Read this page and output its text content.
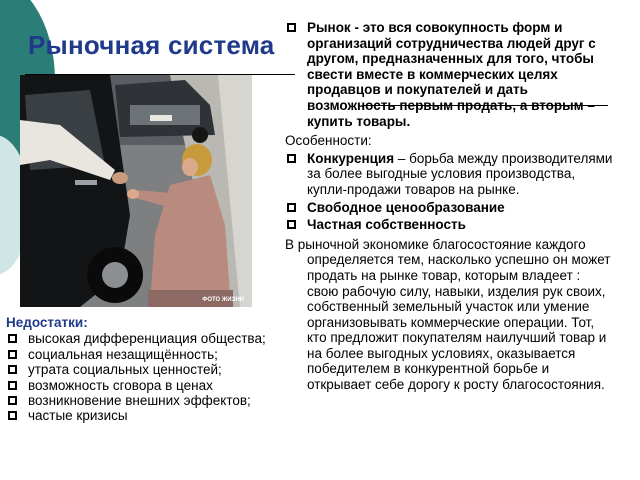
Рыночная система
ФОТО ЖИЗНИ
Рынок - это вся совокупность форм и организаций сотрудничества людей друг с другом, предназначенных для того, чтобы свести вместе в коммерческих целях продавцов и покупателей и дать возможность первым продать, а вторым – купить товары.
Особенности:
Конкуренция – борьба между производителями за более выгодные условия производства, купли-продажи товаров на рынке.
Свободное ценообразование
Частная собственность
В рыночной экономике благосостояние каждого определяется тем, насколько успешно он может продать на рынке товар, которым владеет : свою рабочую силу, навыки, изделия рук своих, собственный земельный участок или умение организовывать коммерческие операции. Тот, кто предложит покупателям наилучший товар и на более выгодных условиях, оказывается победителем в конкурентной борьбе и открывает себе дорогу к росту благосостояния.
Недостатки:
высокая дифференциация общества;
социальная незащищённость;
утрата социальных ценностей;
возможность сговора в ценах
возникновение внешних эффектов;
частые кризисы
